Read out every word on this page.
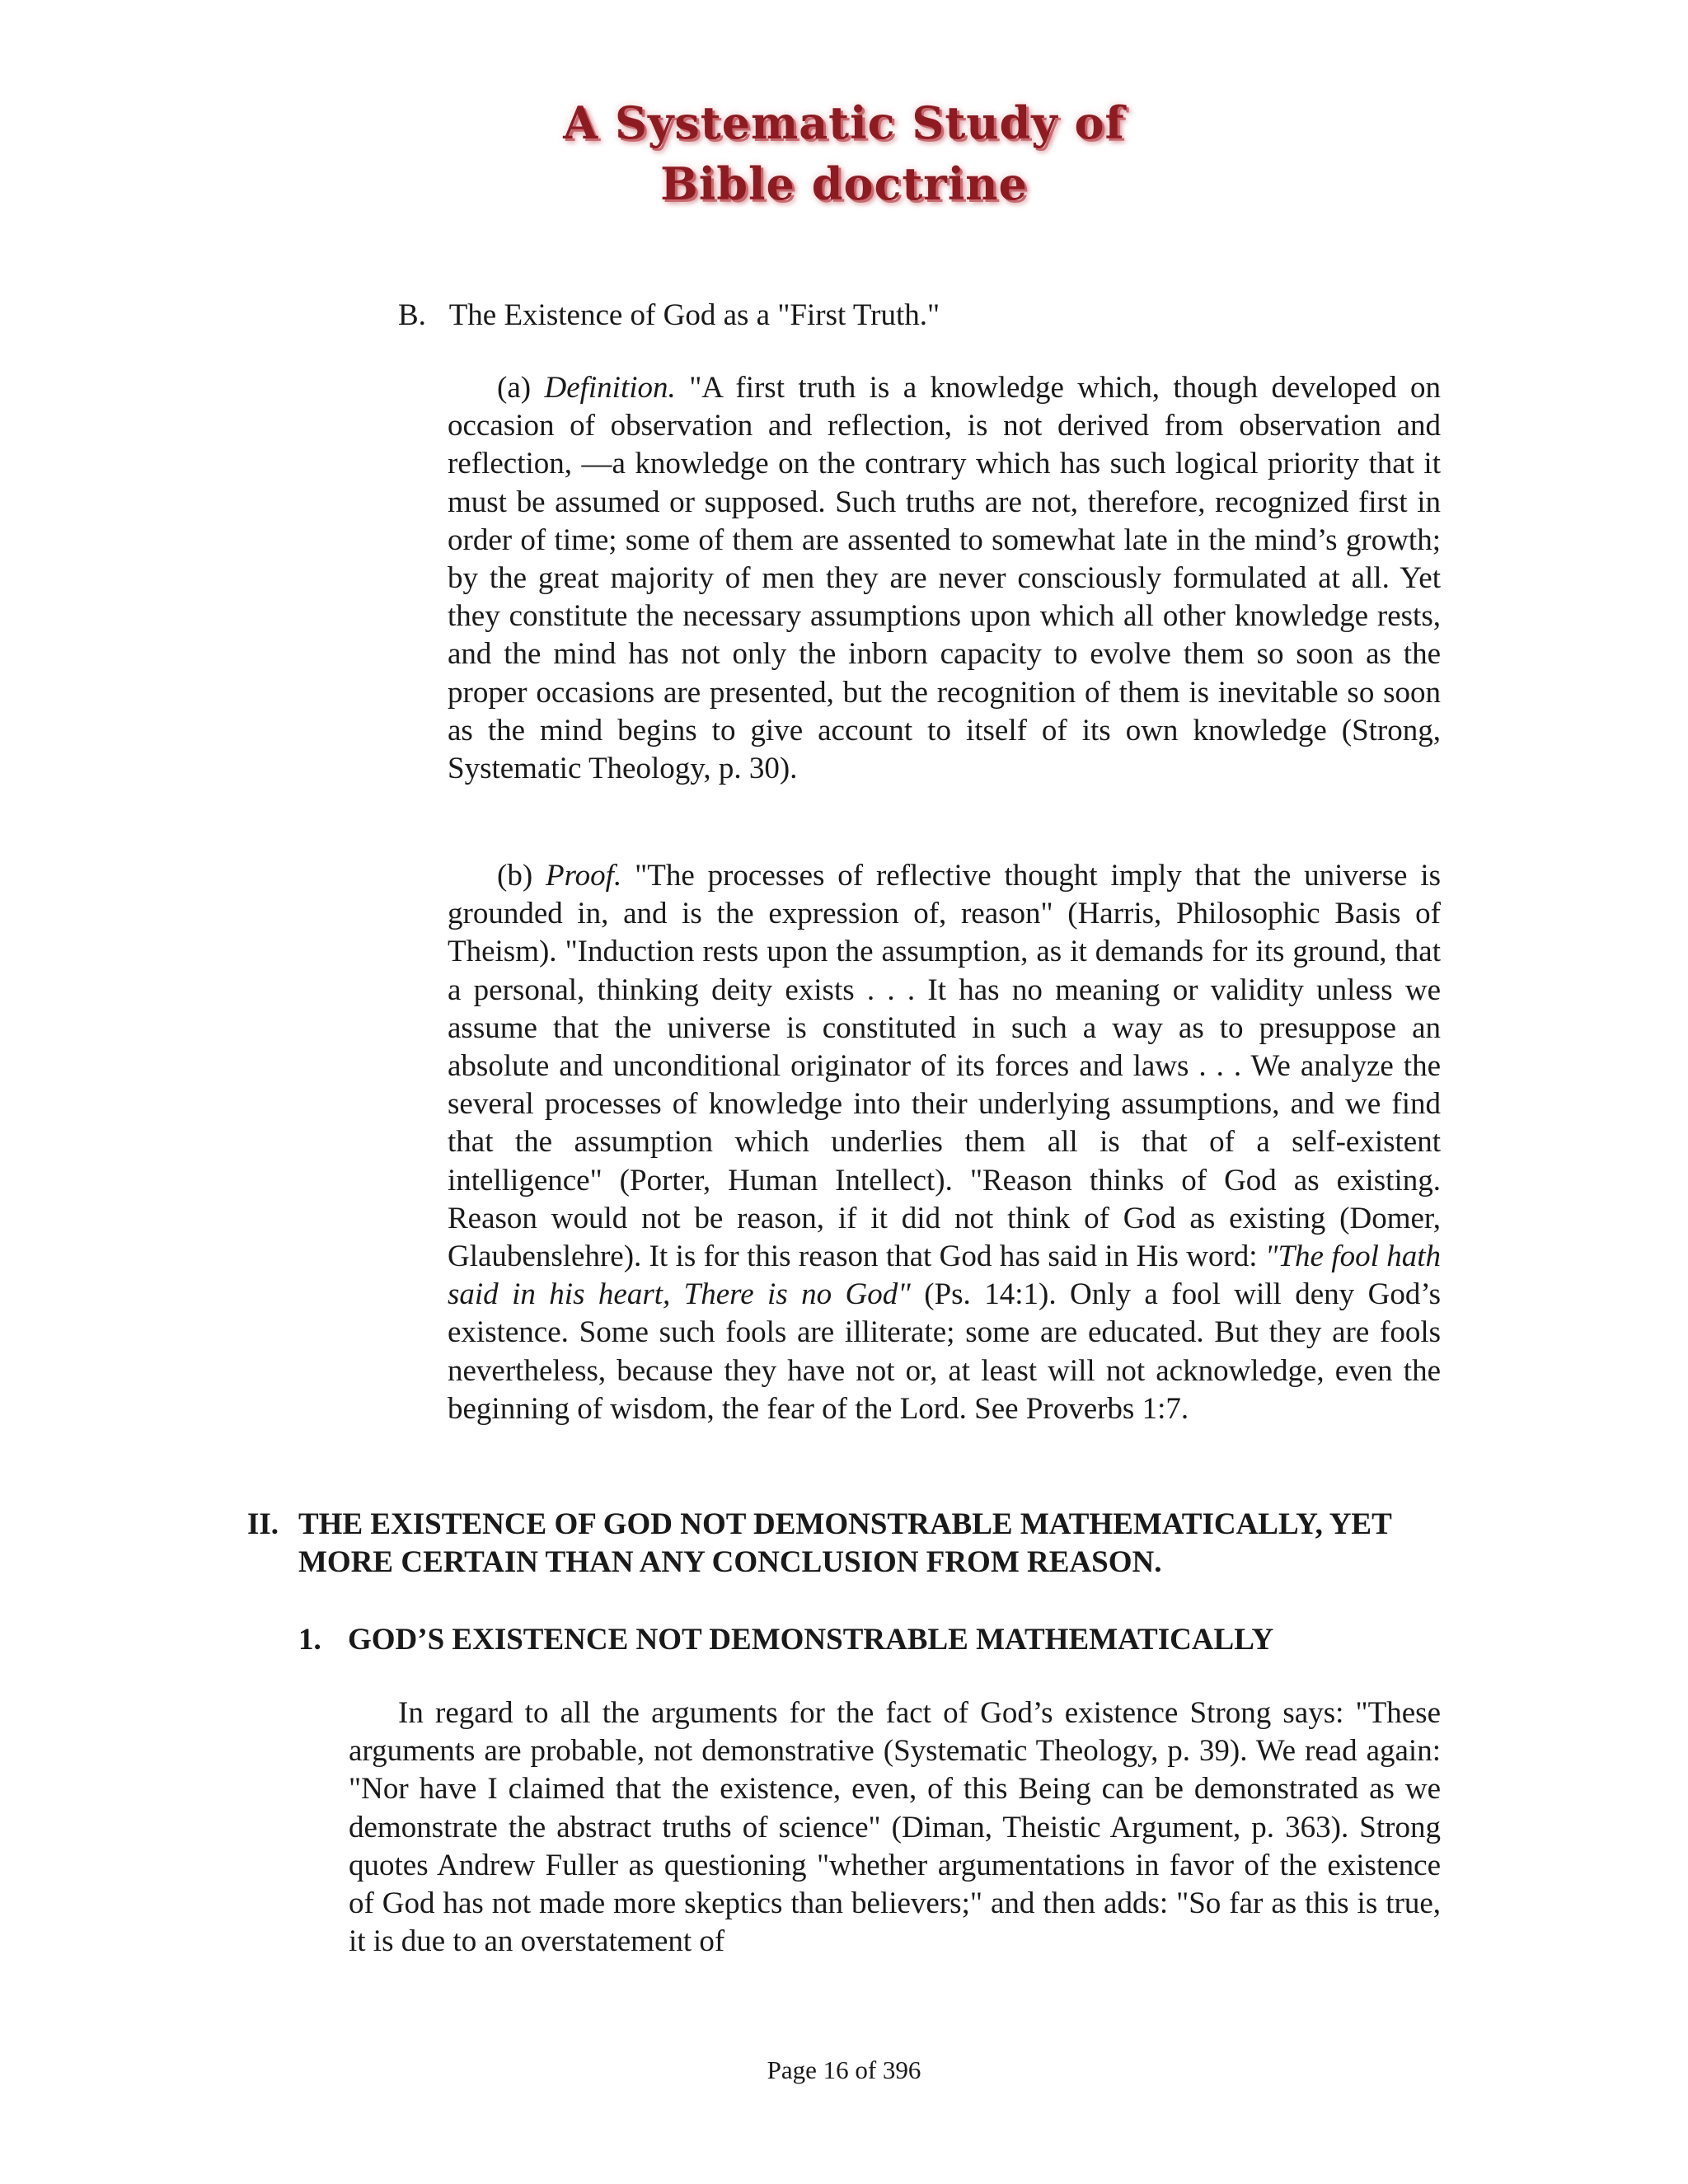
A Systematic Study of
Bible doctrine
B. The Existence of God as a "First Truth."
(a) Definition. "A first truth is a knowledge which, though developed on occasion of observation and reflection, is not derived from observation and reflection, —a knowledge on the contrary which has such logical priority that it must be assumed or supposed. Such truths are not, therefore, recognized first in order of time; some of them are assented to somewhat late in the mind’s growth; by the great majority of men they are never consciously formulated at all. Yet they constitute the necessary assumptions upon which all other knowledge rests, and the mind has not only the inborn capacity to evolve them so soon as the proper occasions are presented, but the recognition of them is inevitable so soon as the mind begins to give account to itself of its own knowledge (Strong, Systematic Theology, p. 30).
(b) Proof. "The processes of reflective thought imply that the universe is grounded in, and is the expression of, reason" (Harris, Philosophic Basis of Theism). "Induction rests upon the assumption, as it demands for its ground, that a personal, thinking deity exists . . . It has no meaning or validity unless we assume that the universe is constituted in such a way as to presuppose an absolute and unconditional originator of its forces and laws . . . We analyze the several processes of knowledge into their underlying assumptions, and we find that the assumption which underlies them all is that of a self-existent intelligence" (Porter, Human Intellect). "Reason thinks of God as existing. Reason would not be reason, if it did not think of God as existing (Domer, Glaubenslehre). It is for this reason that God has said in His word: "The fool hath said in his heart, There is no God" (Ps. 14:1). Only a fool will deny God’s existence. Some such fools are illiterate; some are educated. But they are fools nevertheless, because they have not or, at least will not acknowledge, even the beginning of wisdom, the fear of the Lord. See Proverbs 1:7.
II. THE EXISTENCE OF GOD NOT DEMONSTRABLE MATHEMATICALLY, YET MORE CERTAIN THAN ANY CONCLUSION FROM REASON.
1. GOD’S EXISTENCE NOT DEMONSTRABLE MATHEMATICALLY
In regard to all the arguments for the fact of God’s existence Strong says: "These arguments are probable, not demonstrative (Systematic Theology, p. 39). We read again: "Nor have I claimed that the existence, even, of this Being can be demonstrated as we demonstrate the abstract truths of science" (Diman, Theistic Argument, p. 363). Strong quotes Andrew Fuller as questioning "whether argumentations in favor of the existence of God has not made more skeptics than believers;" and then adds: "So far as this is true, it is due to an overstatement of
Page 16 of 396
